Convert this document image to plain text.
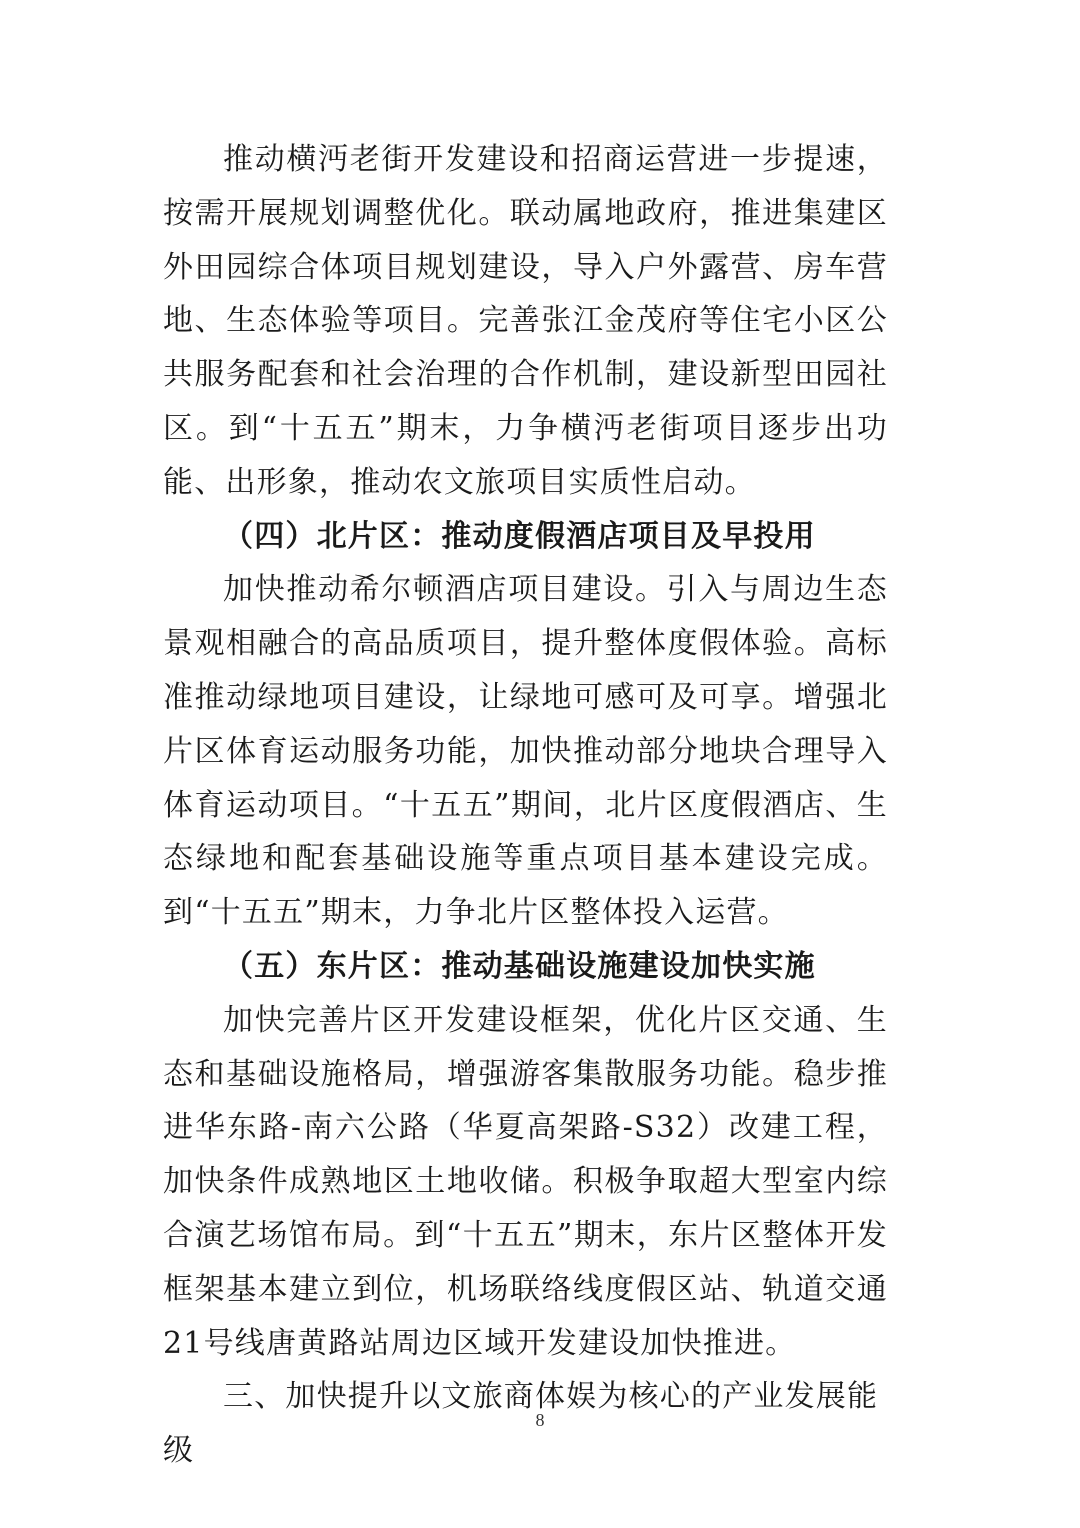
推动横沔老街开发建设和招商运营进一步提速，按需开展规划调整优化。联动属地政府，推进集建区外田园综合体项目规划建设，导入户外露营、房车营地、生态体验等项目。完善张江金茂府等住宅小区公共服务配套和社会治理的合作机制，建设新型田园社区。到“十五五”期末，力争横沔老街项目逐步出功能、出形象，推动农文旅项目实质性启动。

（四）北片区：推动度假酒店项目及早投用

加快推动希尔顿酒店项目建设。引入与周边生态景观相融合的高品质项目，提升整体度假体验。高标准推动绿地项目建设，让绿地可感可及可享。增强北片区体育运动服务功能，加快推动部分地块合理导入体育运动项目。“十五五”期间，北片区度假酒店、生态绿地和配套基础设施等重点项目基本建设完成。到“十五五”期末，力争北片区整体投入运营。

（五）东片区：推动基础设施建设加快实施

加快完善片区开发建设框架，优化片区交通、生态和基础设施格局，增强游客集散服务功能。稳步推进华东路-南六公路（华夏高架路-S32）改建工程，加快条件成熟地区土地收储。积极争取超大型室内综合演艺场馆布局。到“十五五”期末，东片区整体开发框架基本建立到位，机场联络线度假区站、轨道交通21号线唐黄路站周边区域开发建设加快推进。

三、加快提升以文旅商体娱为核心的产业发展能级

8
